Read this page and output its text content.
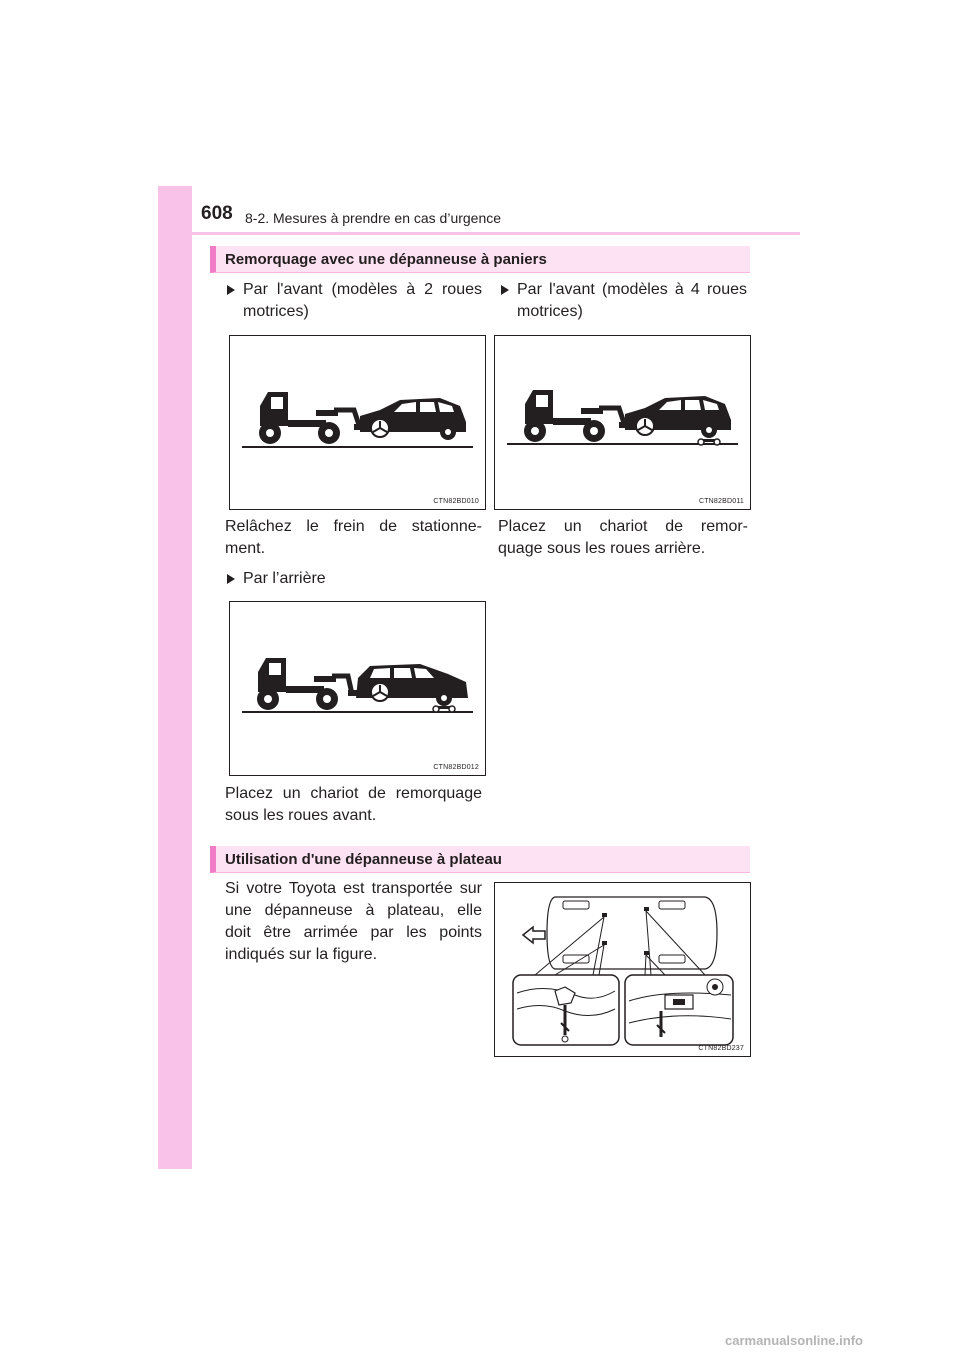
608 8-2. Mesures à prendre en cas d’urgence
Remorquage avec une dépanneuse à paniers
Par l'avant (modèles à 2 roues
motrices)
Par l'avant (modèles à 4 roues
motrices)
CTN82BD010	CTN82BD011
Relâchez le frein de stationne-
ment.
Placez un chariot de remor-
quage sous les roues arrière.
Par l’arrière
CTN82BD012
Placez un chariot de remorquage
sous les roues avant.
Utilisation d'une dépanneuse à plateau
Si votre Toyota est transportée sur
une dépanneuse à plateau, elle
doit être arrimée par les points
indiqués sur la figure.
CTN82BD237
carmanualsonline.info
